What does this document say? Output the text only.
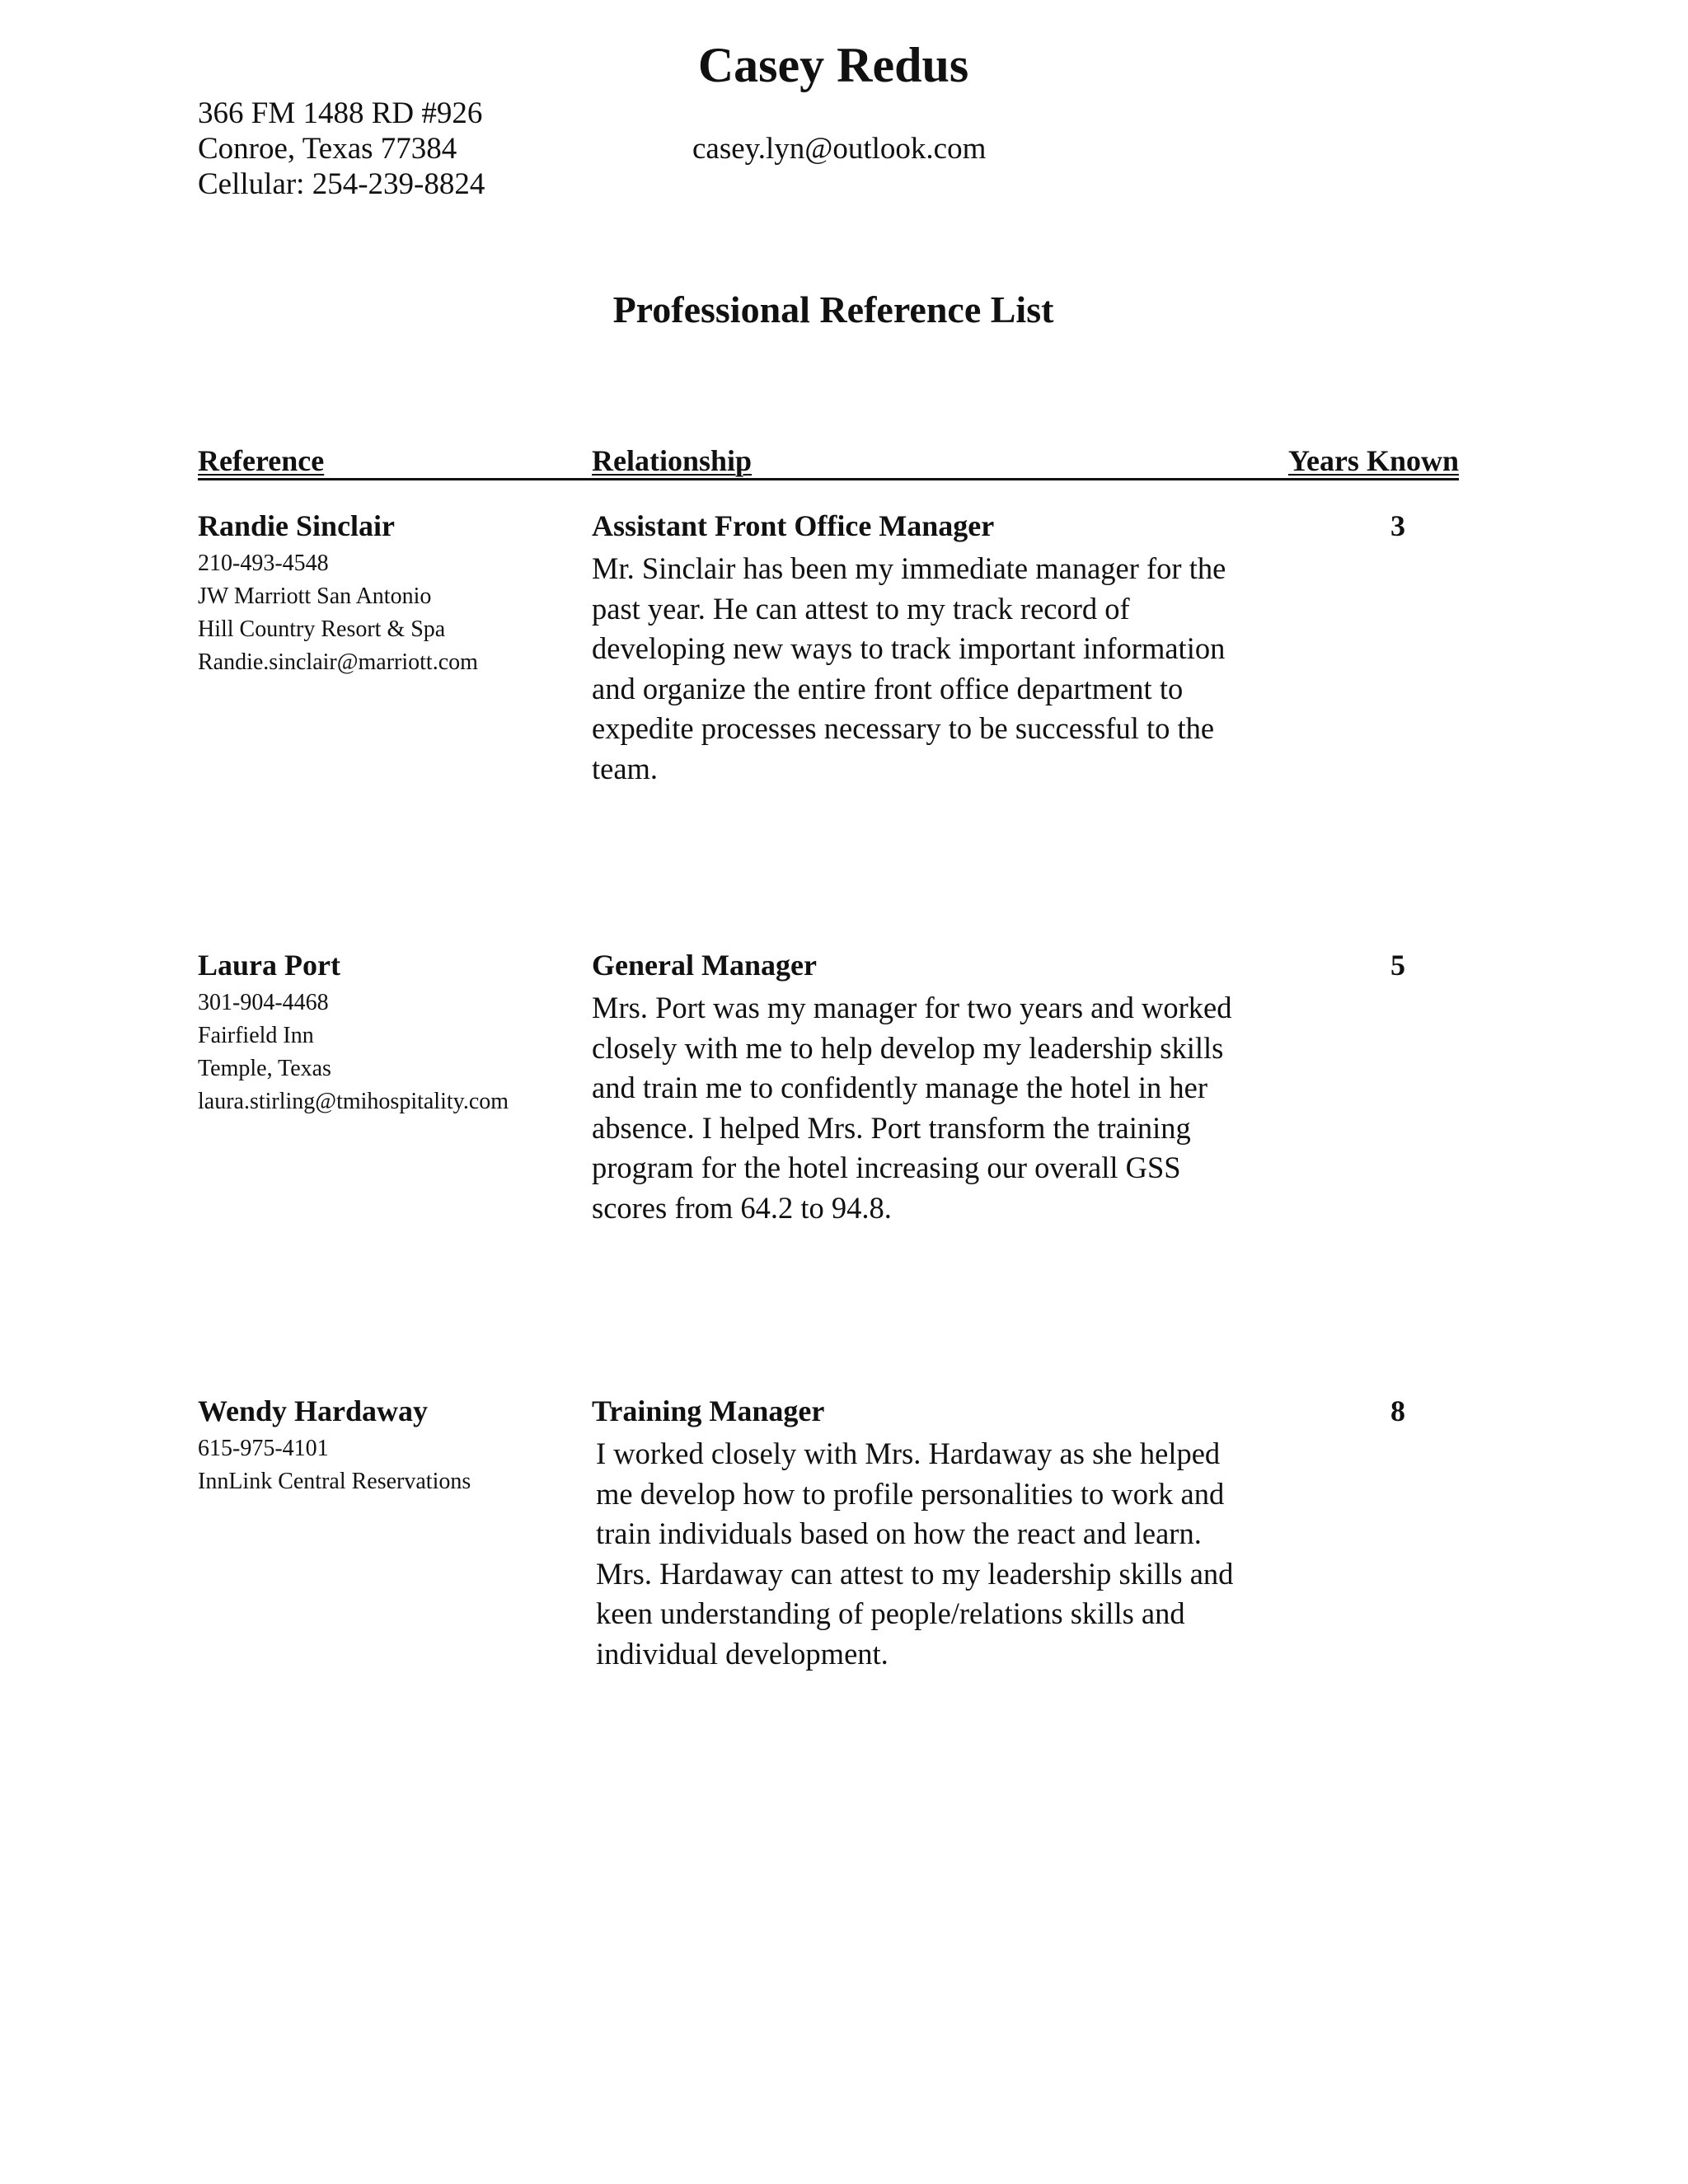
Casey Redus
366 FM 1488 RD #926
Conroe, Texas 77384
Cellular: 254-239-8824
casey.lyn@outlook.com
Professional Reference List
Reference	Relationship	Years Known
Randie Sinclair
210-493-4548
JW Marriott San Antonio
Hill Country Resort & Spa
Randie.sinclair@marriott.com
Assistant Front Office Manager
Mr. Sinclair has been my immediate manager for the
past year. He can attest to my track record of
developing new ways to track important information
and organize the entire front office department to
expedite processes necessary to be successful to the
team.
3
Laura Port
301-904-4468
Fairfield Inn
Temple, Texas
laura.stirling@tmihospitality.com
General Manager
Mrs. Port was my manager for two years and worked
closely with me to help develop my leadership skills
and train me to confidently manage the hotel in her
absence. I helped Mrs. Port transform the training
program for the hotel increasing our overall GSS
scores from 64.2 to 94.8.
5
Wendy Hardaway
615-975-4101
InnLink Central Reservations
Training Manager
I worked closely with Mrs. Hardaway as she helped
me develop how to profile personalities to work and
train individuals based on how the react and learn.
Mrs. Hardaway can attest to my leadership skills and
keen understanding of people/relations skills and
individual development.
8
